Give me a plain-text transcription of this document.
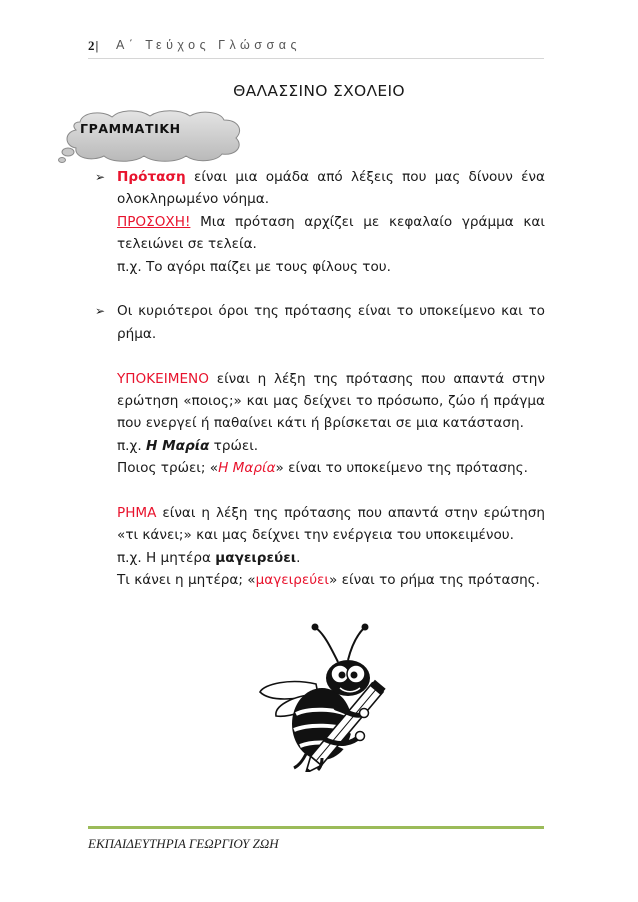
2| Α΄ Τεύχος Γλώσσας
ΘΑΛΑΣΣΙΝΟ ΣΧΟΛΕΙΟ
ΓΡΑΜΜΑΤΙΚΗ
➢ Πρόταση είναι μια ομάδα από λέξεις που μας δίνουν ένα ολοκληρωμένο νόημα.
ΠΡΟΣΟΧΗ! Μια πρόταση αρχίζει με κεφαλαίο γράμμα και τελειώνει σε τελεία.
π.χ. Το αγόρι παίζει με τους φίλους του.
➢ Οι κυριότεροι όροι της πρότασης είναι το υποκείμενο και το ρήμα.
ΥΠΟΚΕΙΜΕΝΟ είναι η λέξη της πρότασης που απαντά στην ερώτηση «ποιος;» και μας δείχνει το πρόσωπο, ζώο ή πράγμα που ενεργεί ή παθαίνει κάτι ή βρίσκεται σε μια κατάσταση.
π.χ. Η Μαρία τρώει.
Ποιος τρώει; «Η Μαρία» είναι το υποκείμενο της πρότασης.
ΡΗΜΑ είναι η λέξη της πρότασης που απαντά στην ερώτηση «τι κάνει;» και μας δείχνει την ενέργεια του υποκειμένου.
π.χ. Η μητέρα μαγειρεύει.
Τι κάνει η μητέρα; «μαγειρεύει» είναι το ρήμα της πρότασης.
ΕΚΠΑΙΔΕΥΤΗΡΙΑ ΓΕΩΡΓΙΟΥ ΖΩΗ
